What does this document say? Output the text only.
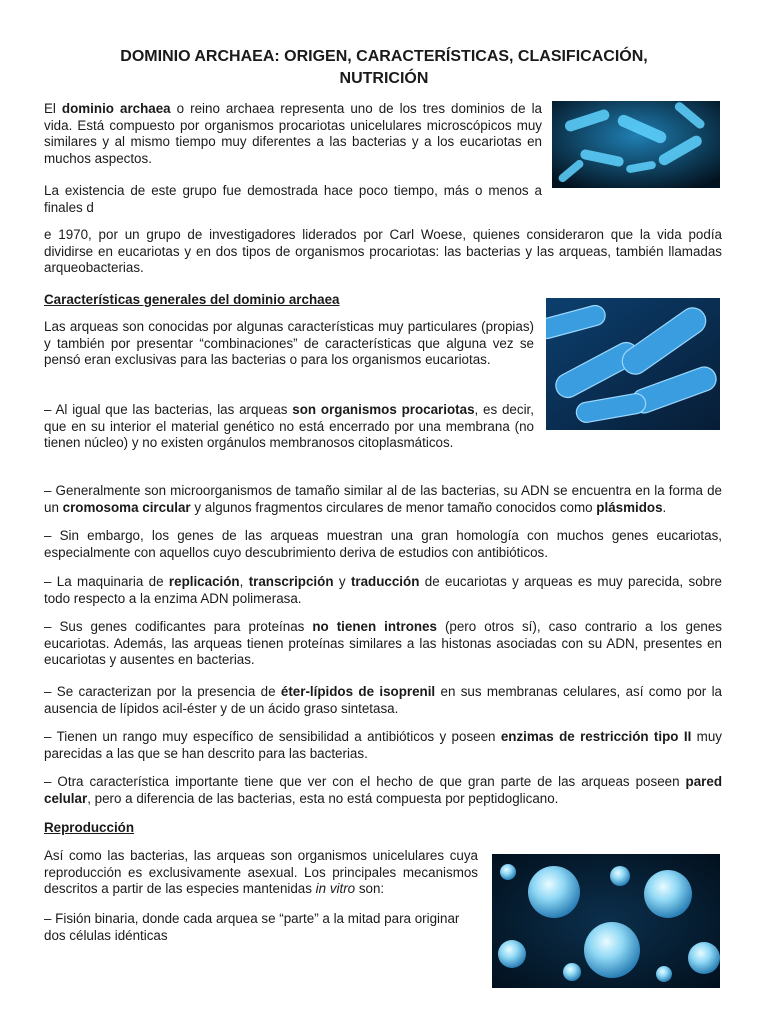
DOMINIO ARCHAEA: ORIGEN, CARACTERÍSTICAS, CLASIFICACIÓN,
NUTRICIÓN

El dominio archaea o reino archaea representa uno de los tres dominios de la vida. Está compuesto por organismos procariotas unicelulares microscópicos muy similares y al mismo tiempo muy diferentes a las bacterias y a los eucariotas en muchos aspectos.

La existencia de este grupo fue demostrada hace poco tiempo, más o menos a finales d

e 1970, por un grupo de investigadores liderados por Carl Woese, quienes consideraron que la vida podía dividirse en eucariotas y en dos tipos de organismos procariotas: las bacterias y las arqueas, también llamadas arqueobacterias.

Características generales del dominio archaea

Las arqueas son conocidas por algunas características muy particulares (propias) y también por presentar “combinaciones” de características que alguna vez se pensó eran exclusivas para las bacterias o para los organismos eucariotas.

– Al igual que las bacterias, las arqueas son organismos procariotas, es decir, que en su interior el material genético no está encerrado por una membrana (no tienen núcleo) y no existen orgánulos membranosos citoplasmáticos.

– Generalmente son microorganismos de tamaño similar al de las bacterias, su ADN se encuentra en la forma de un cromosoma circular y algunos fragmentos circulares de menor tamaño conocidos como plásmidos.

– Sin embargo, los genes de las arqueas muestran una gran homología con muchos genes eucariotas, especialmente con aquellos cuyo descubrimiento deriva de estudios con antibióticos.

– La maquinaria de replicación, transcripción y traducción de eucariotas y arqueas es muy parecida, sobre todo respecto a la enzima ADN polimerasa.

– Sus genes codificantes para proteínas no tienen intrones (pero otros sí), caso contrario a los genes eucariotas. Además, las arqueas tienen proteínas similares a las histonas asociadas con su ADN, presentes en eucariotas y ausentes en bacterias.

– Se caracterizan por la presencia de éter-lípidos de isoprenil en sus membranas celulares, así como por la ausencia de lípidos acil-éster y de un ácido graso sintetasa.

– Tienen un rango muy específico de sensibilidad a antibióticos y poseen enzimas de restricción tipo II muy parecidas a las que se han descrito para las bacterias.

– Otra característica importante tiene que ver con el hecho de que gran parte de las arqueas poseen pared celular, pero a diferencia de las bacterias, esta no está compuesta por peptidoglicano.

Reproducción

Así como las bacterias, las arqueas son organismos unicelulares cuya reproducción es exclusivamente asexual. Los principales mecanismos descritos a partir de las especies mantenidas in vitro son:

– Fisión binaria, donde cada arquea se “parte” a la mitad para originar dos células idénticas
